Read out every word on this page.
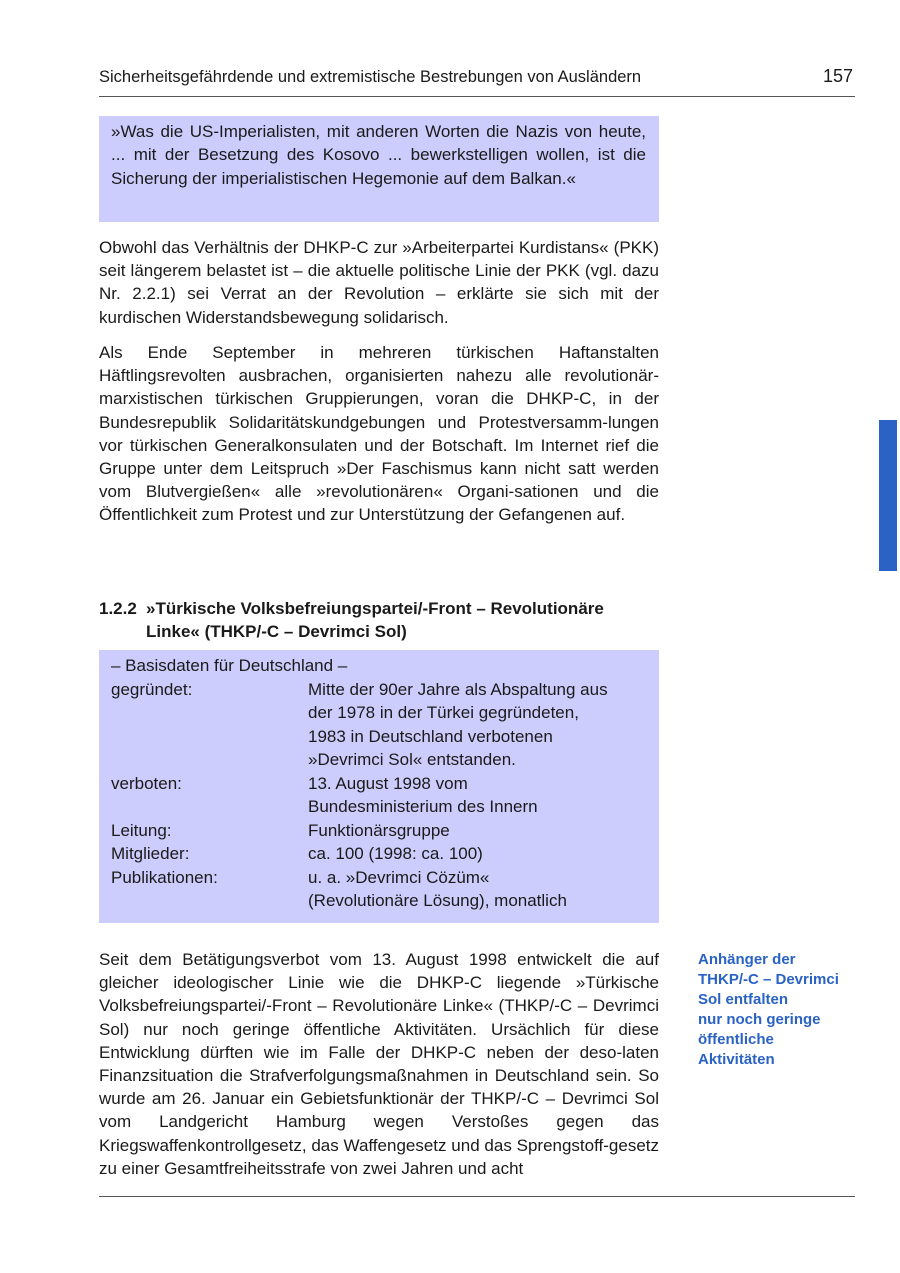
Sicherheitsgefährdende und extremistische Bestrebungen von Ausländern	157
»Was die US-Imperialisten, mit anderen Worten die Nazis von heute, ... mit der Besetzung des Kosovo ... bewerkstelligen wollen, ist die Sicherung der imperialistischen Hegemonie auf dem Balkan.«

Obwohl das Verhältnis der DHKP-C zur »Arbeiterpartei Kurdistans« (PKK) seit längerem belastet ist – die aktuelle politische Linie der PKK (vgl. dazu Nr. 2.2.1) sei Verrat an der Revolution – erklärte sie sich mit der kurdischen Widerstandsbewegung solidarisch.

Als Ende September in mehreren türkischen Haftanstalten Häftlingsrevolten ausbrachen, organisierten nahezu alle revolutionär-marxistischen türkischen Gruppierungen, voran die DHKP-C, in der Bundesrepublik Solidaritätskundgebungen und Protestversamm-lungen vor türkischen Generalkonsulaten und der Botschaft. Im Internet rief die Gruppe unter dem Leitspruch »Der Faschismus kann nicht satt werden vom Blutvergießen« alle »revolutionären« Organi-sationen und die Öffentlichkeit zum Protest und zur Unterstützung der Gefangenen auf.

1.2.2 »Türkische Volksbefreiungspartei/-Front – Revolutionäre
Linke« (THKP/-C – Devrimci Sol)
– Basisdaten für Deutschland –
gegründet:	Mitte der 90er Jahre als Abspaltung aus
der 1978 in der Türkei gegründeten,
1983 in Deutschland verbotenen
»Devrimci Sol« entstanden.
verboten:	13. August 1998 vom
Bundesministerium des Innern
Leitung:	Funktionärsgruppe
Mitglieder:	ca. 100 (1998: ca. 100)
Publikationen:	u. a. »Devrimci Cözüm«
(Revolutionäre Lösung), monatlich

Seit dem Betätigungsverbot vom 13. August 1998 entwickelt die auf gleicher ideologischer Linie wie die DHKP-C liegende »Türkische Volksbefreiungspartei/-Front – Revolutionäre Linke« (THKP/-C – Devrimci Sol) nur noch geringe öffentliche Aktivitäten. Ursächlich für diese Entwicklung dürften wie im Falle der DHKP-C neben der deso-laten Finanzsituation die Strafverfolgungsmaßnahmen in Deutschland sein. So wurde am 26. Januar ein Gebietsfunktionär der THKP/-C – Devrimci Sol vom Landgericht Hamburg wegen Verstoßes gegen das Kriegswaffenkontrollgesetz, das Waffengesetz und das Sprengstoff-gesetz zu einer Gesamtfreiheitsstrafe von zwei Jahren und acht

Anhänger der
THKP/-C – Devrimci
Sol entfalten
nur noch geringe
öffentliche
Aktivitäten
